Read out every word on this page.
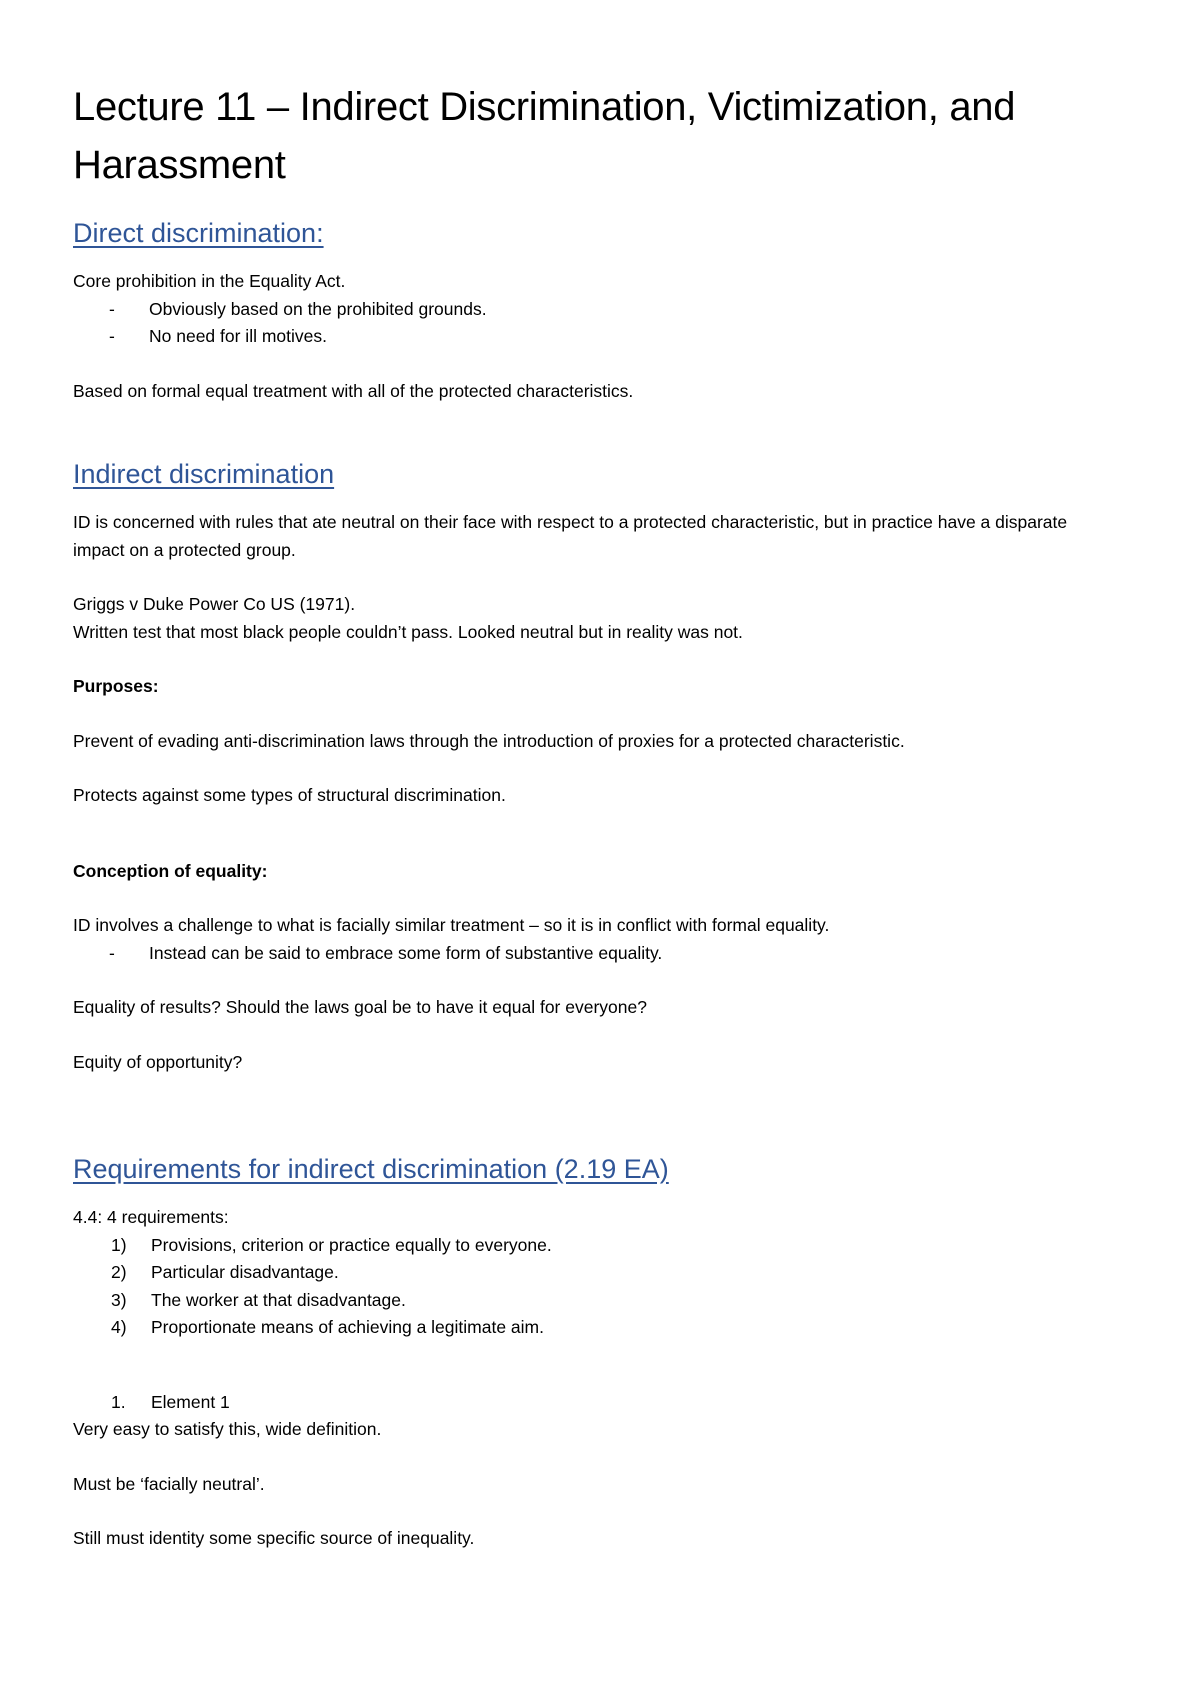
Lecture 11 – Indirect Discrimination, Victimization, and Harassment
Direct discrimination:

Core prohibition in the Equality Act.

-	Obviously based on the prohibited grounds.
-	No need for ill motives.

Based on formal equal treatment with all of the protected characteristics.

Indirect discrimination

ID is concerned with rules that ate neutral on their face with respect to a protected characteristic, but in practice have a disparate impact on a protected group.

Griggs v Duke Power Co US (1971).

Written test that most black people couldn’t pass. Looked neutral but in reality was not.

Purposes:

Prevent of evading anti-discrimination laws through the introduction of proxies for a protected characteristic.

Protects against some types of structural discrimination.

Conception of equality:

ID involves a challenge to what is facially similar treatment – so it is in conflict with formal equality.

-	Instead can be said to embrace some form of substantive equality.

Equality of results? Should the laws goal be to have it equal for everyone?

Equity of opportunity?

Requirements for indirect discrimination (2.19 EA)

4.4: 4 requirements:

1)	Provisions, criterion or practice equally to everyone.
2)	Particular disadvantage.
3)	The worker at that disadvantage.
4)	Proportionate means of achieving a legitimate aim.
1.	Element 1

Very easy to satisfy this, wide definition.

Must be ‘facially neutral’.

Still must identity some specific source of inequality.
